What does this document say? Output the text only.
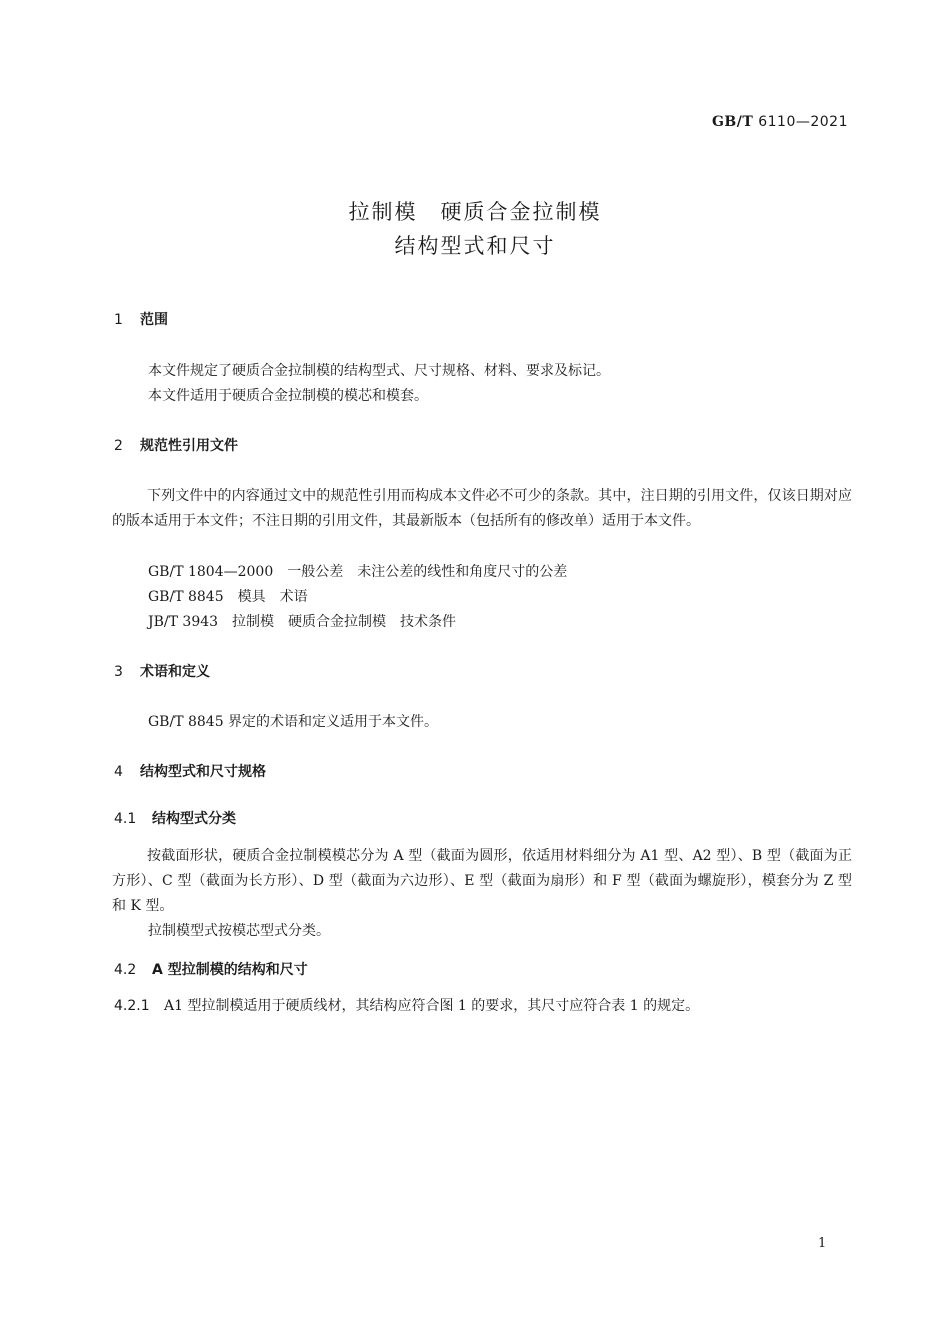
GB/T 6110—2021
拉制模　硬质合金拉制模
结构型式和尺寸
1 范围
本文件规定了硬质合金拉制模的结构型式、尺寸规格、材料、要求及标记。
本文件适用于硬质合金拉制模的模芯和模套。
2 规范性引用文件
下列文件中的内容通过文中的规范性引用而构成本文件必不可少的条款。其中，注日期的引用文件，仅该日期对应的版本适用于本文件；不注日期的引用文件，其最新版本（包括所有的修改单）适用于本文件。
GB/T 1804—2000　一般公差　未注公差的线性和角度尺寸的公差
GB/T 8845　模具　术语
JB/T 3943　拉制模　硬质合金拉制模　技术条件
3 术语和定义
GB/T 8845 界定的术语和定义适用于本文件。
4 结构型式和尺寸规格
4.1 结构型式分类
按截面形状，硬质合金拉制模模芯分为 A 型（截面为圆形，依适用材料细分为 A1 型、A2 型）、B 型（截面为正方形）、C 型（截面为长方形）、D 型（截面为六边形）、E 型（截面为扇形）和 F 型（截面为螺旋形），模套分为 Z 型和 K 型。
拉制模型式按模芯型式分类。
4.2 A 型拉制模的结构和尺寸
4.2.1 A1 型拉制模适用于硬质线材，其结构应符合图 1 的要求，其尺寸应符合表 1 的规定。
1
